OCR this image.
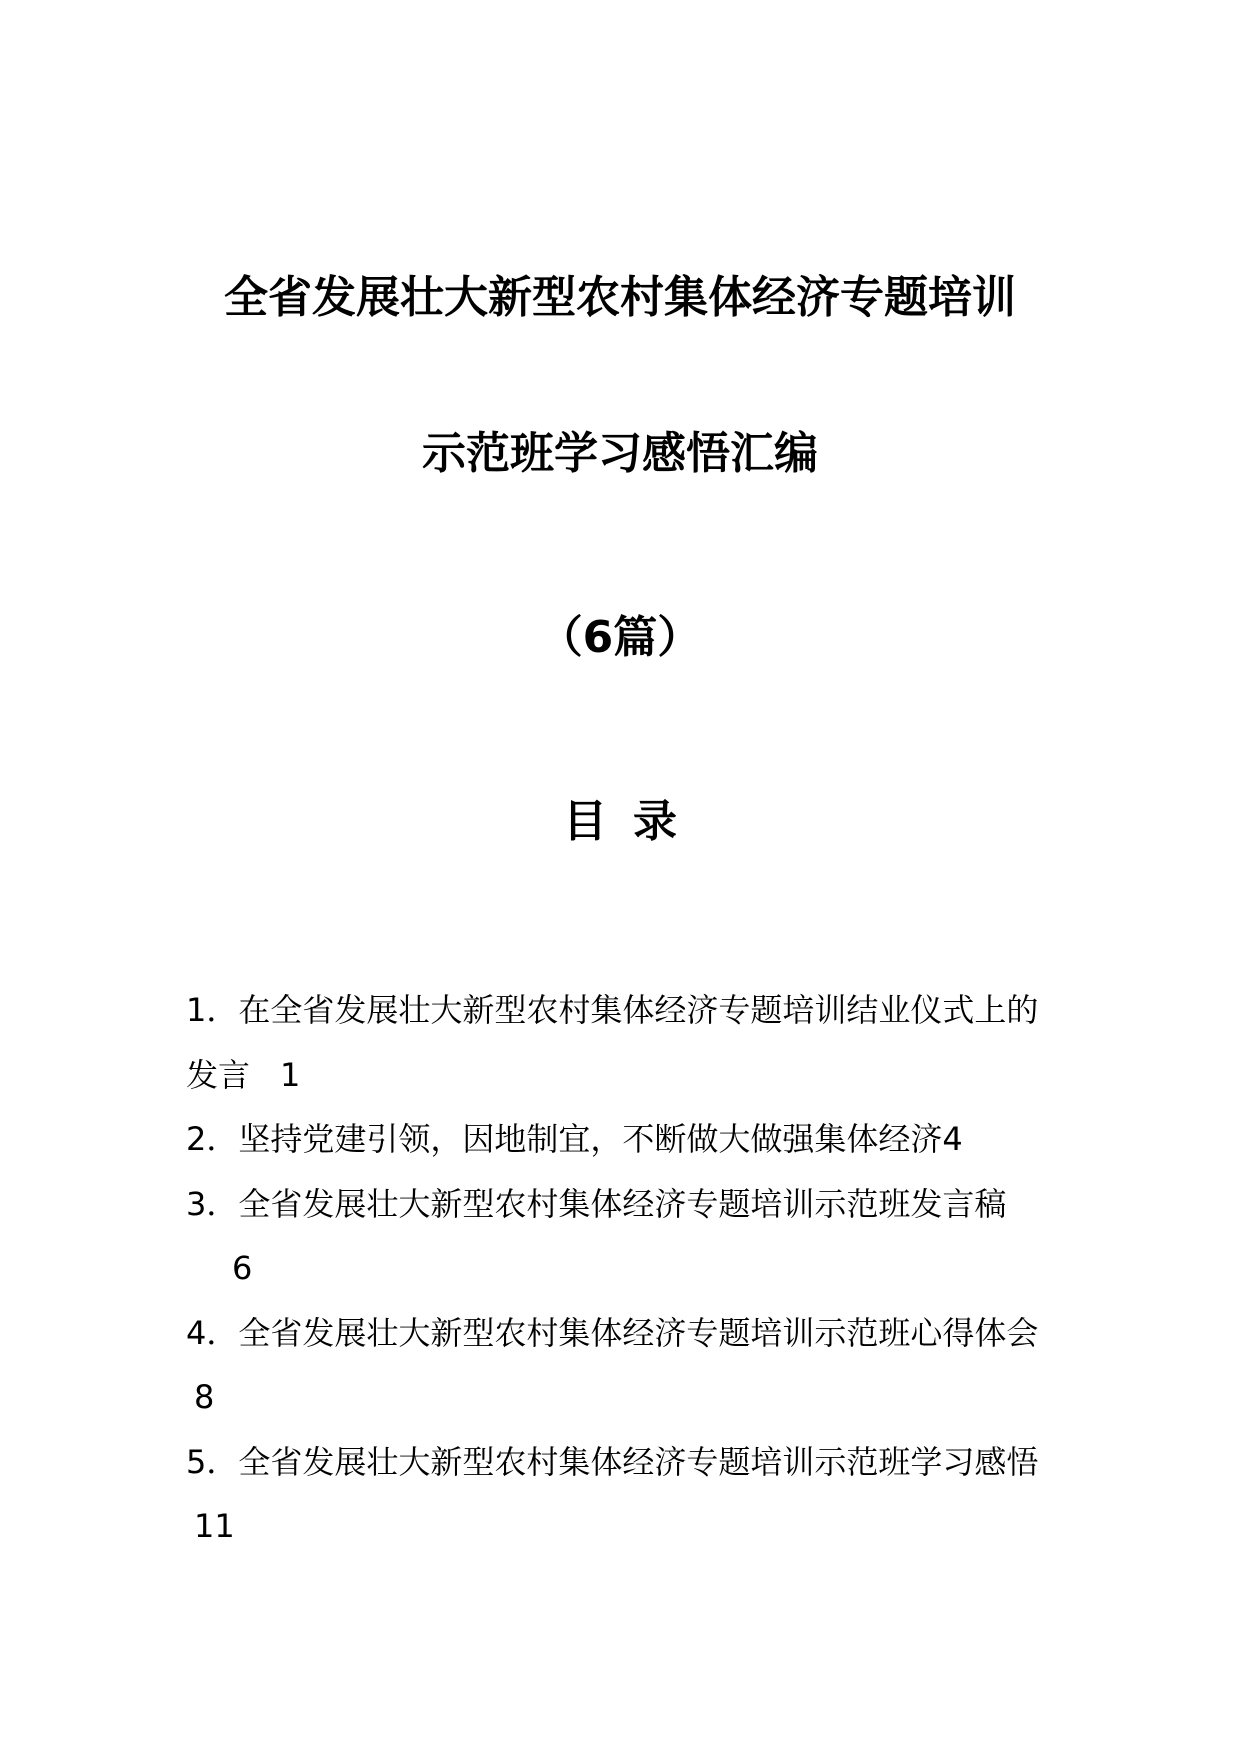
全省发展壮大新型农村集体经济专题培训
示范班学习感悟汇编
（6篇）
目录
1．在全省发展壮大新型农村集体经济专题培训结业仪式上的发言 1
2．坚持党建引领，因地制宜，不断做大做强集体经济4
3．全省发展壮大新型农村集体经济专题培训示范班发言稿
6
4．全省发展壮大新型农村集体经济专题培训示范班心得体会8
5．全省发展壮大新型农村集体经济专题培训示范班学习感悟11
